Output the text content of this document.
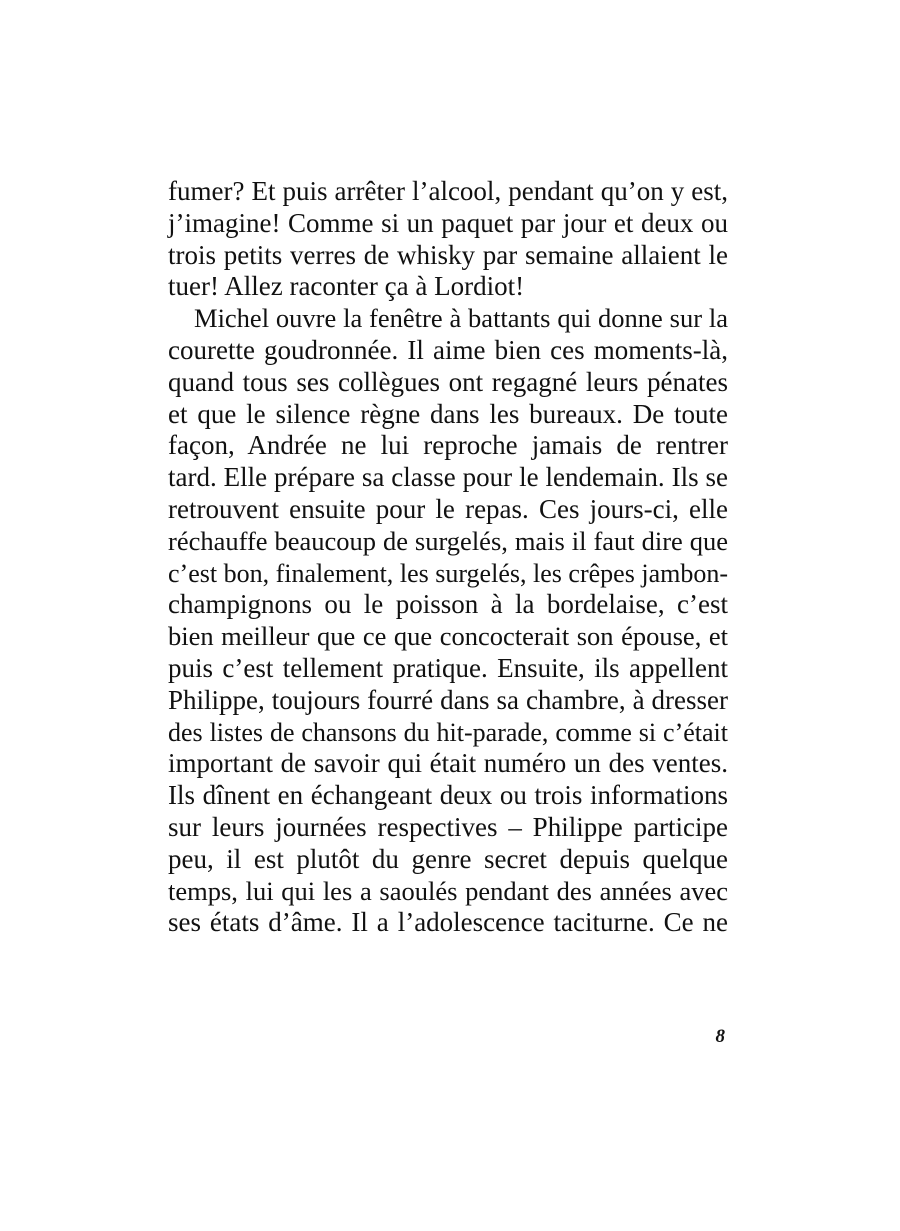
fumer? Et puis arrêter l’alcool, pendant qu’on y est,
j’imagine! Comme si un paquet par jour et deux ou
trois petits verres de whisky par semaine allaient le
tuer! Allez raconter ça à Lordiot!
Michel ouvre la fenêtre à battants qui donne sur la
courette goudronnée. Il aime bien ces moments-là,
quand tous ses collègues ont regagné leurs pénates
et que le silence règne dans les bureaux. De toute
façon, Andrée ne lui reproche jamais de rentrer
tard. Elle prépare sa classe pour le lendemain. Ils se
retrouvent ensuite pour le repas. Ces jours-ci, elle
réchauffe beaucoup de surgelés, mais il faut dire que
c’est bon, finalement, les surgelés, les crêpes jambon-
champignons ou le poisson à la bordelaise, c’est
bien meilleur que ce que concocterait son épouse, et
puis c’est tellement pratique. Ensuite, ils appellent
Philippe, toujours fourré dans sa chambre, à dresser
des listes de chansons du hit-parade, comme si c’était
important de savoir qui était numéro un des ventes.
Ils dînent en échangeant deux ou trois informations
sur leurs journées respectives – Philippe participe
peu, il est plutôt du genre secret depuis quelque
temps, lui qui les a saoulés pendant des années avec
ses états d’âme. Il a l’adolescence taciturne. Ce ne
8
